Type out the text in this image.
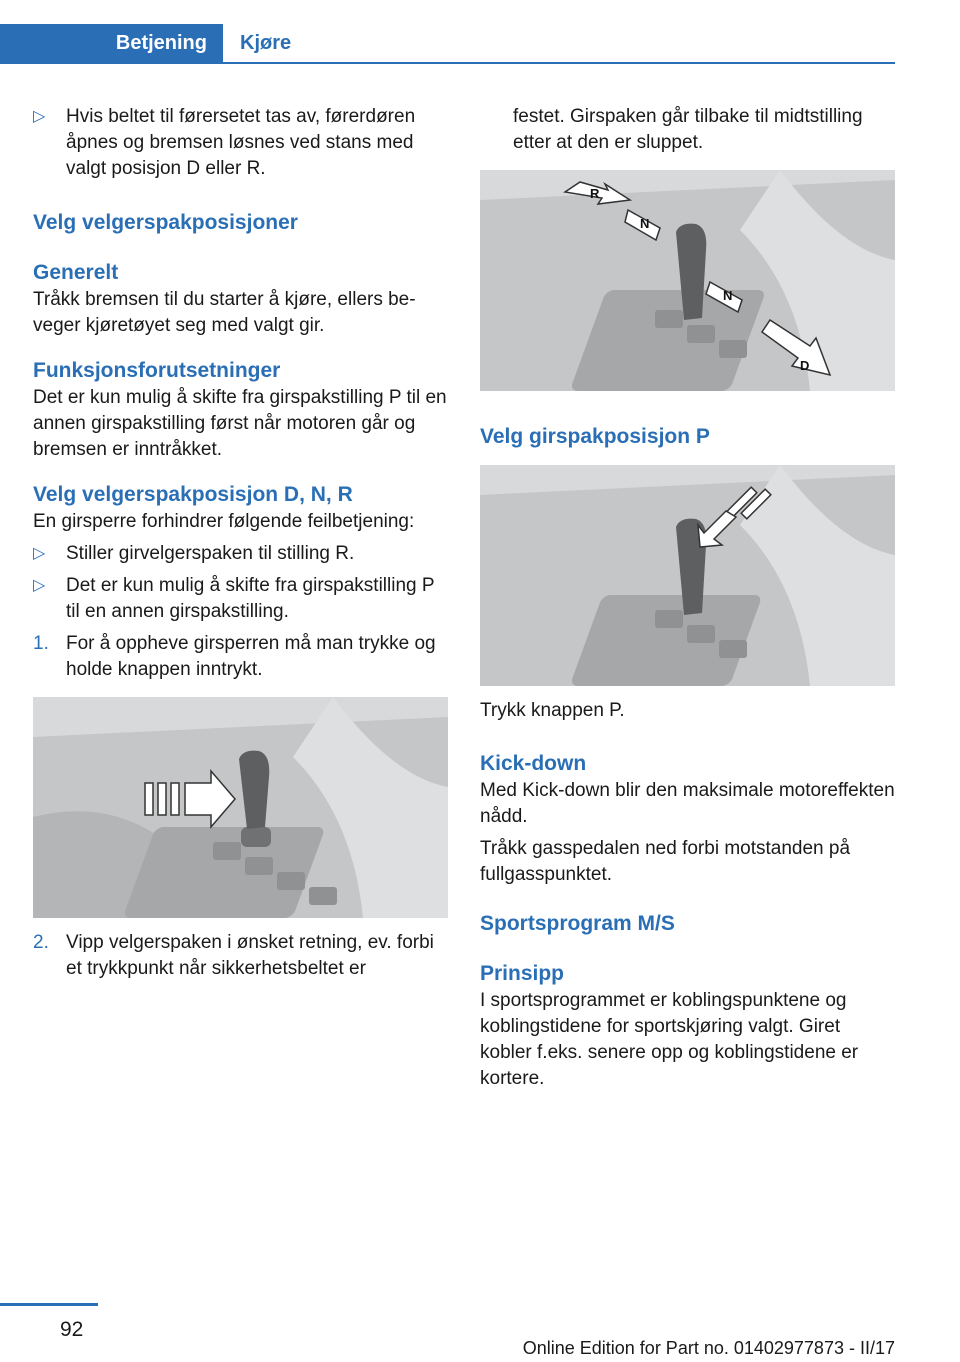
Betjening	Kjøre
▷ Hvis beltet til førersetet tas av, førerdøren åpnes og bremsen løsnes ved stans med valgt posisjon D eller R.
Velg velgerspakposisjoner
Generelt

Tråkk bremsen til du starter å kjøre, ellers beveger kjøretøyet seg med valgt gir.

Funksjonsforutsetninger

Det er kun mulig å skifte fra girspakstilling P til en annen girspakstilling først når motoren går og bremsen er inntråkket.

Velg velgerspakposisjon D, N, R

En girsperre forhindrer følgende feilbetjening:

▷ Stiller girvelgerspaken til stilling R.
▷ Det er kun mulig å skifte fra girspakstilling P til en annen girspakstilling.
1. For å oppheve girsperren må man trykke og holde knappen inntrykt.
2. Vipp velgerspaken i ønsket retning, ev. forbi et trykkpunkt når sikkerhetsbeltet er

festet. Girspaken går tilbake til midtstilling etter at den er sluppet.

R
N
N
D
Velg girspakposisjon P

Trykk knappen P.

Kick-down

Med Kick-down blir den maksimale motoreffekten nådd.

Tråkk gasspedalen ned forbi motstanden på fullgasspunktet.

Sportsprogram M/S
Prinsipp

I sportsprogrammet er koblingspunktene og koblingstidene for sportskjøring valgt. Giret kobler f.eks. senere opp og koblingstidene er kortere.

92
Online Edition for Part no. 01402977873 - II/17
